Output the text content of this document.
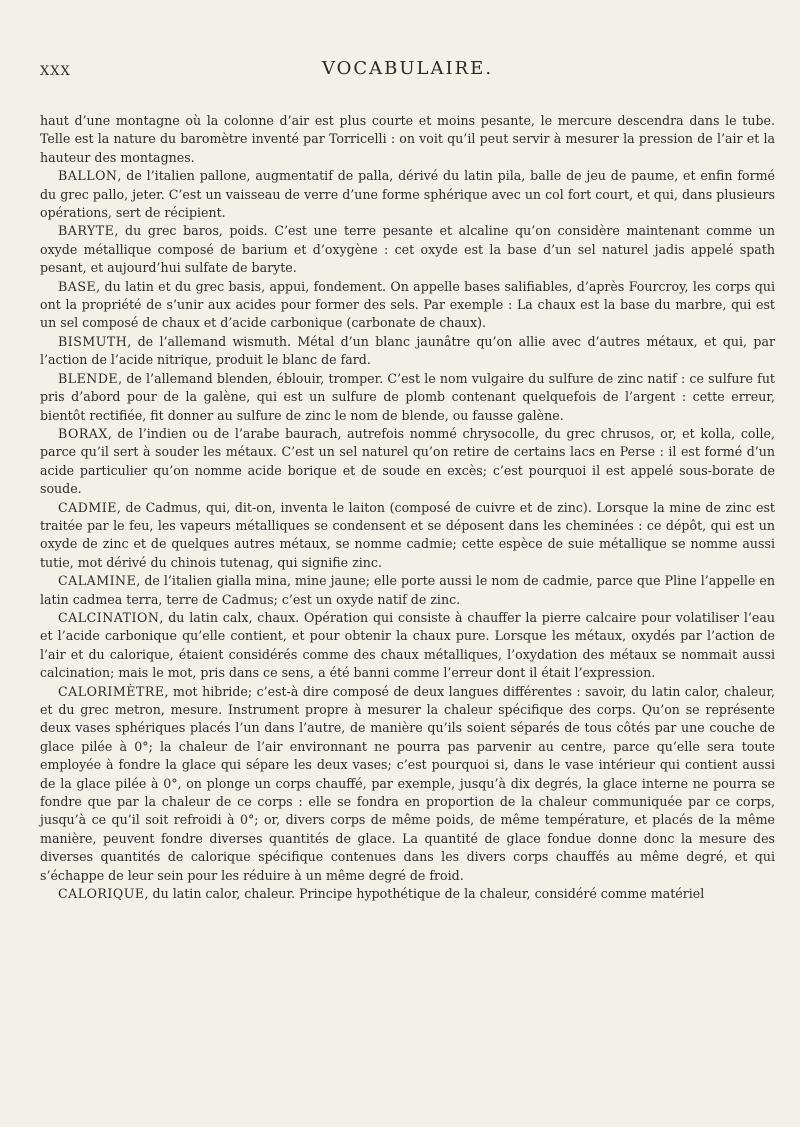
XXX	VOCABULAIRE.

haut d’une montagne où la colonne d’air est plus courte et moins pesante, le mercure descendra dans le tube. Telle est la nature du baromètre inventé par Torricelli : on voit qu’il peut servir à mesurer la pression de l’air et la hauteur des montagnes.

BALLON, de l’italien pallone, augmentatif de palla, dérivé du latin pila, balle de jeu de paume, et enfin formé du grec pallo, jeter. C’est un vaisseau de verre d’une forme sphérique avec un col fort court, et qui, dans plusieurs opérations, sert de récipient.

BARYTE, du grec baros, poids. C’est une terre pesante et alcaline qu’on considère maintenant comme un oxyde métallique composé de barium et d’oxygène : cet oxyde est la base d’un sel naturel jadis appelé spath pesant, et aujourd’hui sulfate de baryte.

BASE, du latin et du grec basis, appui, fondement. On appelle bases salifiables, d’après Fourcroy, les corps qui ont la propriété de s’unir aux acides pour former des sels. Par exemple : La chaux est la base du marbre, qui est un sel composé de chaux et d’acide carbonique (carbonate de chaux).

BISMUTH, de l’allemand wismuth. Métal d’un blanc jaunâtre qu’on allie avec d’autres métaux, et qui, par l’action de l’acide nitrique, produit le blanc de fard.

BLENDE, de l’allemand blenden, éblouir, tromper. C’est le nom vulgaire du sulfure de zinc natif : ce sulfure fut pris d’abord pour de la galène, qui est un sulfure de plomb contenant quelquefois de l’argent : cette erreur, bientôt rectifiée, fit donner au sulfure de zinc le nom de blende, ou fausse galène.

BORAX, de l’indien ou de l’arabe baurach, autrefois nommé chrysocolle, du grec chrusos, or, et kolla, colle, parce qu’il sert à souder les métaux. C’est un sel naturel qu’on retire de certains lacs en Perse : il est formé d’un acide particulier qu’on nomme acide borique et de soude en excès; c’est pourquoi il est appelé sous-borate de soude.

CADMIE, de Cadmus, qui, dit-on, inventa le laiton (composé de cuivre et de zinc). Lorsque la mine de zinc est traitée par le feu, les vapeurs métalliques se condensent et se déposent dans les cheminées : ce dépôt, qui est un oxyde de zinc et de quelques autres métaux, se nomme cadmie; cette espèce de suie métallique se nomme aussi tutie, mot dérivé du chinois tutenag, qui signifie zinc.

CALAMINE, de l’italien gialla mina, mine jaune; elle porte aussi le nom de cadmie, parce que Pline l’appelle en latin cadmea terra, terre de Cadmus; c’est un oxyde natif de zinc.

CALCINATION, du latin calx, chaux. Opération qui consiste à chauffer la pierre calcaire pour volatiliser l’eau et l’acide carbonique qu’elle contient, et pour obtenir la chaux pure. Lorsque les métaux, oxydés par l’action de l’air et du calorique, étaient considérés comme des chaux métalliques, l’oxydation des métaux se nommait aussi calcination; mais le mot, pris dans ce sens, a été banni comme l’erreur dont il était l’expression.

CALORIMÈTRE, mot hibride; c’est-à dire composé de deux langues différentes : savoir, du latin calor, chaleur, et du grec metron, mesure. Instrument propre à mesurer la chaleur spécifique des corps. Qu’on se représente deux vases sphériques placés l’un dans l’autre, de manière qu’ils soient séparés de tous côtés par une couche de glace pilée à 0°; la chaleur de l’air environnant ne pourra pas parvenir au centre, parce qu’elle sera toute employée à fondre la glace qui sépare les deux vases; c’est pourquoi si, dans le vase intérieur qui contient aussi de la glace pilée à 0°, on plonge un corps chauffé, par exemple, jusqu’à dix degrés, la glace interne ne pourra se fondre que par la chaleur de ce corps : elle se fondra en proportion de la chaleur communiquée par ce corps, jusqu’à ce qu’il soit refroidi à 0°; or, divers corps de même poids, de même température, et placés de la même manière, peuvent fondre diverses quantités de glace. La quantité de glace fondue donne donc la mesure des diverses quantités de calorique spécifique contenues dans les divers corps chauffés au même degré, et qui s’échappe de leur sein pour les réduire à un même degré de froid.

CALORIQUE, du latin calor, chaleur. Principe hypothétique de la chaleur, considéré comme matériel
